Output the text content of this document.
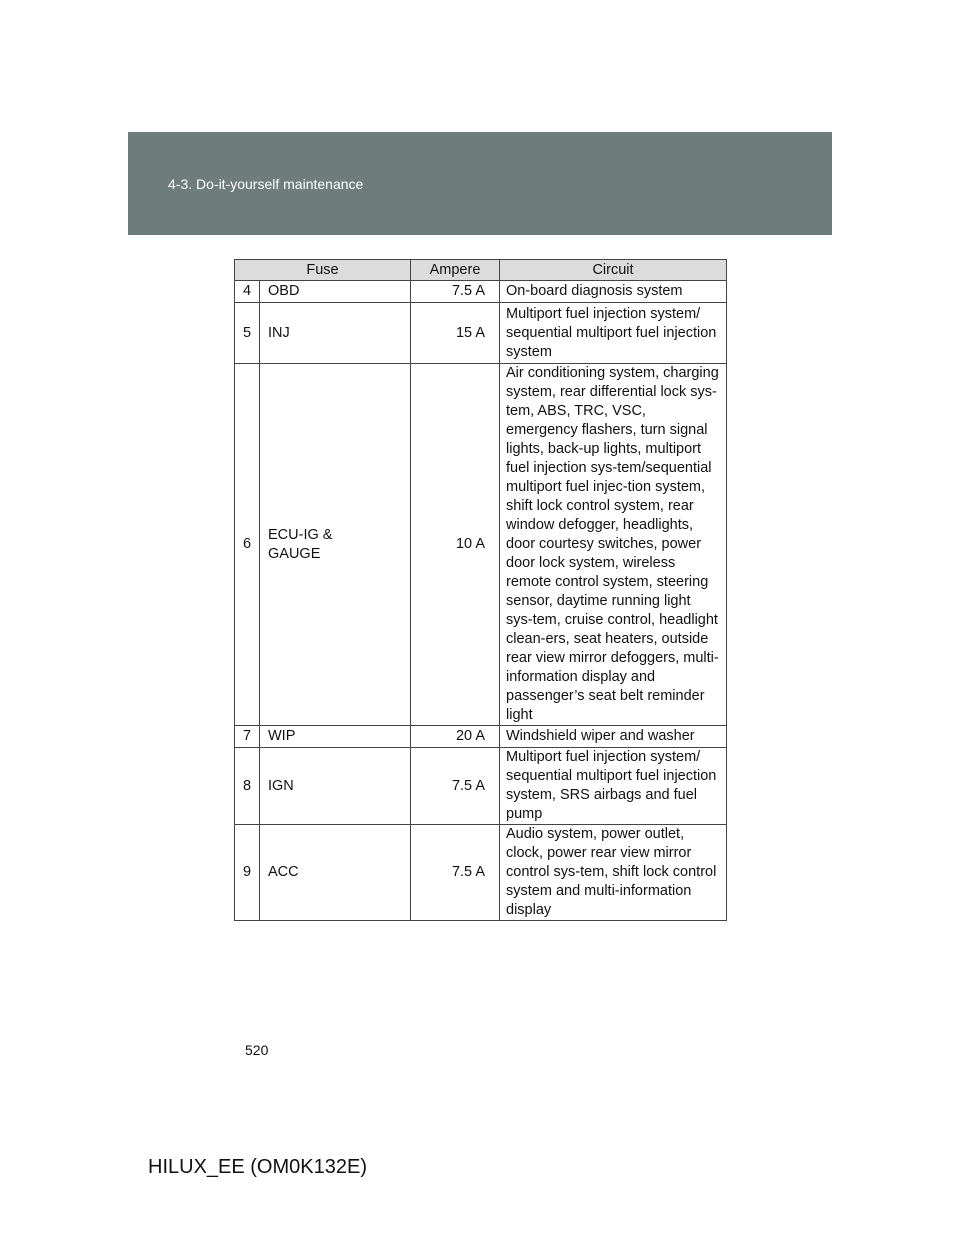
4-3. Do-it-yourself maintenance
Fuse		Ampere	Circuit
4	OBD	7.5 A	On-board diagnosis system
5	INJ	15 A	Multiport fuel injection system/ sequential multiport fuel injection system
6	ECU-IG & GAUGE	10 A	Air conditioning system, charging system, rear differential lock sys-tem, ABS, TRC, VSC, emergency flashers, turn signal lights, back-up lights, multiport fuel injection sys-tem/sequential multiport fuel injec-tion system, shift lock control system, rear window defogger, headlights, door courtesy switches, power door lock system, wireless remote control system, steering sensor, daytime running light sys-tem, cruise control, headlight clean-ers, seat heaters, outside rear view mirror defoggers, multi-information display and passenger’s seat belt reminder light
7	WIP	20 A	Windshield wiper and washer
8	IGN	7.5 A	Multiport fuel injection system/ sequential multiport fuel injection system, SRS airbags and fuel pump
9	ACC	7.5 A	Audio system, power outlet, clock, power rear view mirror control sys-tem, shift lock control system and multi-information display
520
HILUX_EE (OM0K132E)
